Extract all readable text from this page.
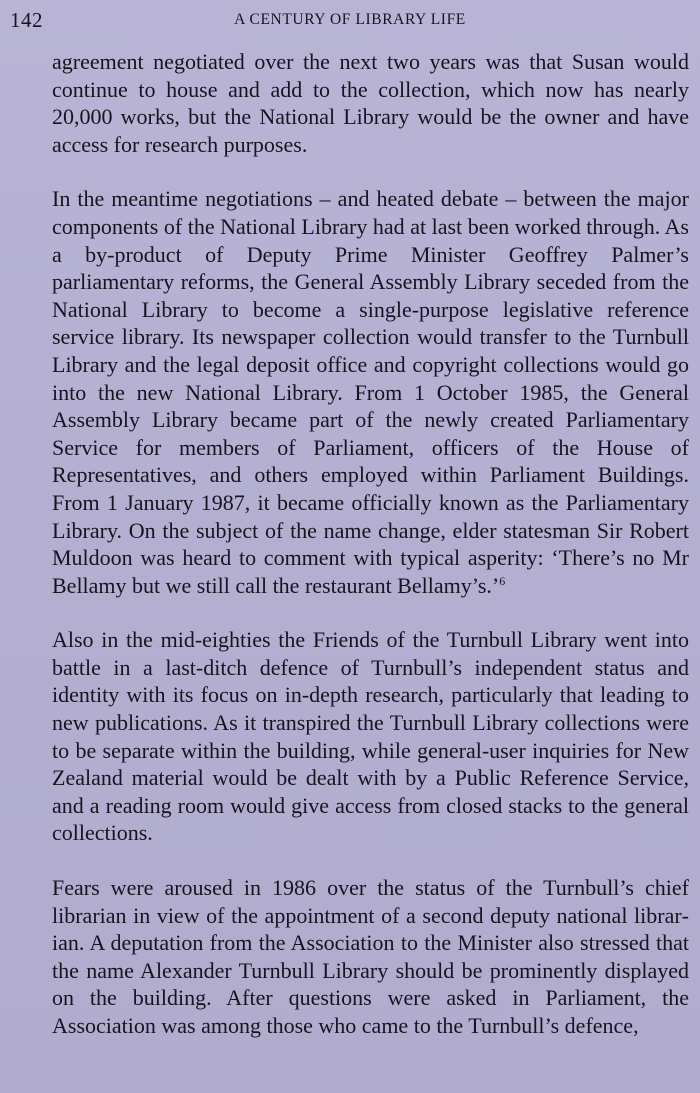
142	A CENTURY OF LIBRARY LIFE

agreement negotiated over the next two years was that Susan would continue to house and add to the collection, which now has nearly 20,000 works, but the National Library would be the owner and have access for research purposes.

In the meantime negotiations – and heated debate – between the major components of the National Library had at last been worked through. As a by-product of Deputy Prime Minister Geoffrey Palmer’s parliamentary reforms, the General Assembly Library seceded from the National Library to become a single-purpose legislative reference service library. Its newspaper collection would transfer to the Turnbull Library and the legal deposit office and copyright collections would go into the new National Library. From 1 October 1985, the General Assembly Library became part of the newly created Parliamentary Service for members of Parliament, officers of the House of Representatives, and others employed within Parliament Buildings. From 1 January 1987, it became officially known as the Parliamentary Library. On the subject of the name change, elder statesman Sir Robert Muldoon was heard to comment with typical asperity: ‘There’s no Mr Bellamy but we still call the restaurant Bellamy’s.’$^6$

Also in the mid-eighties the Friends of the Turnbull Library went into battle in a last-ditch defence of Turnbull’s independent status and identity with its focus on in-depth research, particularly that leading to new publications. As it transpired the Turnbull Library collections were to be separate within the building, while general-user inquiries for New Zealand material would be dealt with by a Public Reference Service, and a reading room would give access from closed stacks to the general collections.

Fears were aroused in 1986 over the status of the Turnbull’s chief librarian in view of the appointment of a second deputy national librarian. A deputation from the Association to the Minister also stressed that the name Alexander Turnbull Library should be prominently displayed on the building. After questions were asked in Parliament, the Association was among those who came to the Turnbull’s defence,
